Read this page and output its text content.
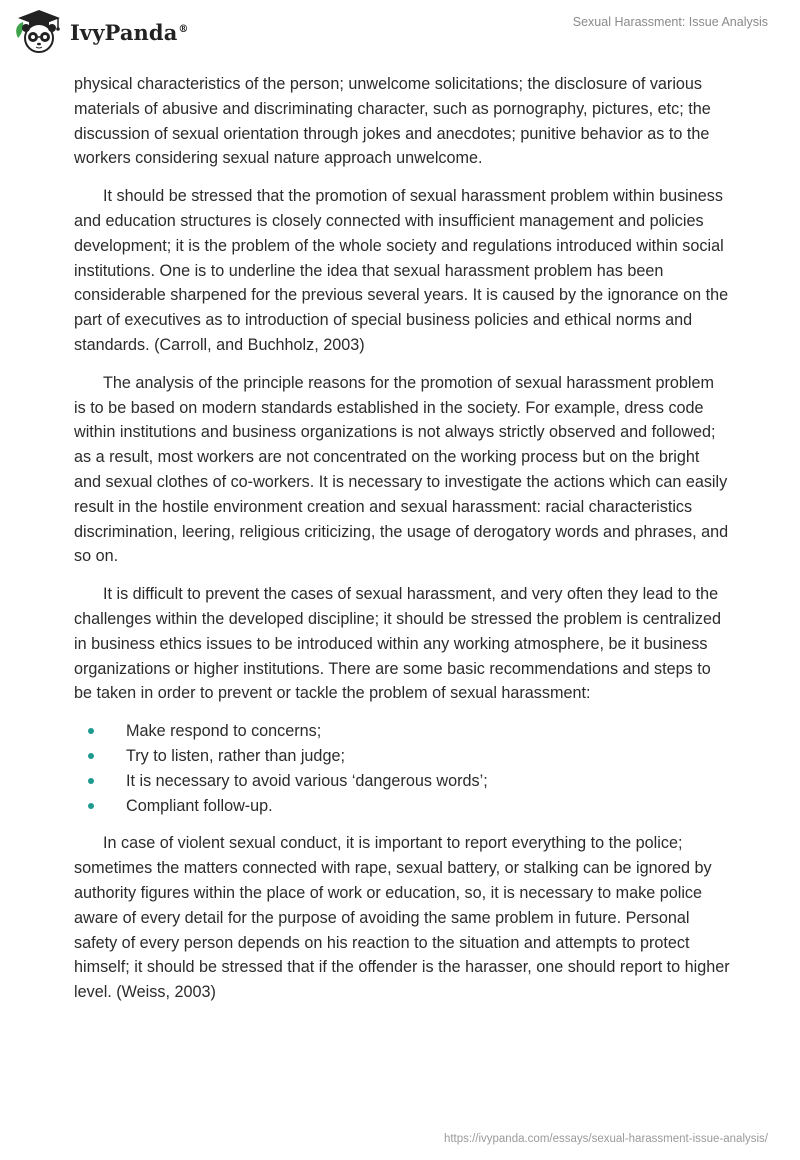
IvyPanda®	Sexual Harassment: Issue Analysis

physical characteristics of the person; unwelcome solicitations; the disclosure of various materials of abusive and discriminating character, such as pornography, pictures, etc; the discussion of sexual orientation through jokes and anecdotes; punitive behavior as to the workers considering sexual nature approach unwelcome.

It should be stressed that the promotion of sexual harassment problem within business and education structures is closely connected with insufficient management and policies development; it is the problem of the whole society and regulations introduced within social institutions. One is to underline the idea that sexual harassment problem has been considerable sharpened for the previous several years. It is caused by the ignorance on the part of executives as to introduction of special business policies and ethical norms and standards. (Carroll, and Buchholz, 2003)

The analysis of the principle reasons for the promotion of sexual harassment problem is to be based on modern standards established in the society. For example, dress code within institutions and business organizations is not always strictly observed and followed; as a result, most workers are not concentrated on the working process but on the bright and sexual clothes of co-workers. It is necessary to investigate the actions which can easily result in the hostile environment creation and sexual harassment: racial characteristics discrimination, leering, religious criticizing, the usage of derogatory words and phrases, and so on.

It is difficult to prevent the cases of sexual harassment, and very often they lead to the challenges within the developed discipline; it should be stressed the problem is centralized in business ethics issues to be introduced within any working atmosphere, be it business organizations or higher institutions. There are some basic recommendations and steps to be taken in order to prevent or tackle the problem of sexual harassment:

Make respond to concerns;
Try to listen, rather than judge;
It is necessary to avoid various ‘dangerous words’;
Compliant follow-up.

In case of violent sexual conduct, it is important to report everything to the police; sometimes the matters connected with rape, sexual battery, or stalking can be ignored by authority figures within the place of work or education, so, it is necessary to make police aware of every detail for the purpose of avoiding the same problem in future. Personal safety of every person depends on his reaction to the situation and attempts to protect himself; it should be stressed that if the offender is the harasser, one should report to higher level. (Weiss, 2003)

https://ivypanda.com/essays/sexual-harassment-issue-analysis/
